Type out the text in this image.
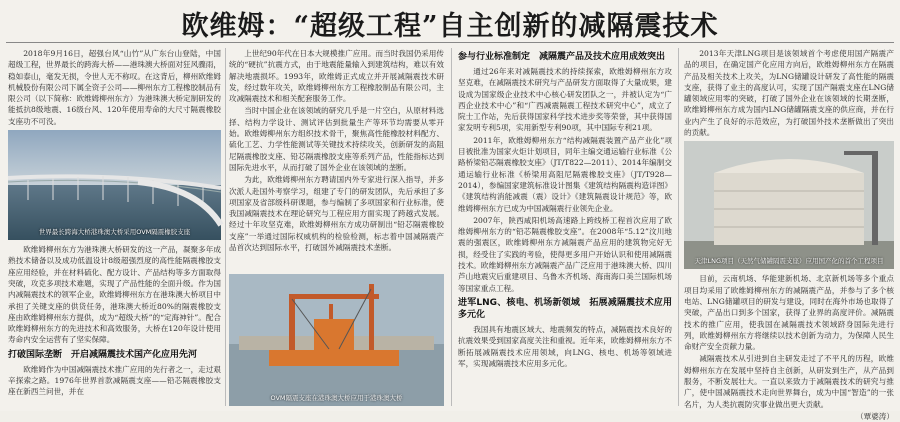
欧维姆：“超级工程”自主创新的减隔震技术

2018年9月16日，超强台风“山竹”从广东台山登陆，中国超级工程，世界最长的跨海大桥——港珠澳大桥面对狂风骤雨，稳如泰山，毫发无损，令世人无不称叹。在这背后，柳州欧维姆机械股份有限公司下属全资子公司——柳州东方工程橡胶制品有限公司（以下简称：欧维姆柳州东方）为港珠澳大桥定制研发的能抵抗8级地震、16级台风、120年使用寿命的大尺寸隔震橡胶支座功不可没。

世界最长跨海大桥港珠澳大桥采用OVM隔震橡胶支座

欧维姆柳州东方为港珠澳大桥研发的这一产品，凝聚多年成熟技术储备以及成功低温设计8级超强烈度的高性能隔震橡胶支座应用经验，并在材料硫化、配方设计、产品结构等多方面取得突破，攻克多项技术难题，实现了产品性能的全面升级。作为国内减隔震技术的领军企业，欧维姆柳州东方在港珠澳大桥项目中承担了关键支座的供货任务，港珠澳大桥近80%的隔震橡胶支座由欧维姆柳州东方提供，成为“超级大桥”的“定海神针”。配合欧维姆柳州东方的先进技术和高效服务，大桥在120年设计使用寿命内安全运营有了坚实保障。

打破国际垄断　开启减隔震技术国产化应用先河

欧维姆作为中国减隔震技术推广应用的先行者之一，走过艰辛探索之路。1976年世界首款减隔震支座——铅芯隔震橡胶支座在新西兰问世，并在

上世纪90年代在日本大规模推广应用。而当时我国仍采用传统的“硬抗”抗震方式，由于地震能量输入到建筑结构，难以有效解决地震损坏。1993年，欧维姆正式成立并开展减隔震技术研发，经过数年攻关，欧维姆柳州东方工程橡胶制品有限公司，主攻减隔震技术和相关配套服务工作。

当时中国企业在该领域的研究几乎是一片空白，从原材料选择、结构力学设计、测试评估到批量生产等环节均需要从零开始。欧维姆柳州东方组织技术骨干，聚焦高性能橡胶材料配方、硫化工艺、力学性能测试等关键技术持续攻关，创新研发的高阻尼隔震橡胶支座、铅芯隔震橡胶支座等系列产品，性能指标达到国际先进水平，从而打破了国外企业在该领域的垄断。

为此，欧维姆柳州东方聘请国内外专家进行深入指导，并多次派人赴国外考察学习，组建了专门的研发团队，先后承担了多项国家及省部级科研课题，参与编制了多项国家和行业标准，使我国减隔震技术在理论研究与工程应用方面实现了跨越式发展。经过十年攻坚克难，欧维姆柳州东方成功研制出“铅芯隔震橡胶支座”一举通过国际权威机构的检验检测，标志着中国减隔震产品首次达到国际水平，打破国外减隔震技术垄断。

OVM隔震支座在港珠澳大桥应用于港珠澳大桥
参与行业标准制定　减隔震产品及技术应用成效突出

通过26年来对减隔震技术的持续探索，欧维姆柳州东方攻坚克难，在减隔震技术研究与产品研发方面取得了大量成果，建设成为国家级企业技术中心核心研发团队之一，并被认定为“广西企业技术中心”和“广西减震隔震工程技术研究中心”，成立了院士工作站，先后获得国家科学技术进步奖等荣誉，其中获得国家发明专利5项，实用新型专利90项，其中国际专利21项。

2011年，欧维姆柳州东方“结构减隔震装置产品产业化”项目被批准为国家火炬计划项目，同年主编交通运输行业标准《公路桥梁铅芯隔震橡胶支座》（JT/T822—2011）、2014年编制交通运输行业标准《桥梁用高阻尼隔震橡胶支座》（JT/T928—2014），参编国家建筑标准设计图集《建筑结构隔震构造详图》《建筑结构消能减震（震）设计》《建筑隔震设计规范》等，欧维姆柳州东方已成为中国减隔震行业领先企业。

2007年，陕西咸阳机场高速路上跨线桥工程首次应用了欧维姆柳州东方的“铅芯隔震橡胶支座”。在2008年“5.12”汶川地震的强震区，欧维姆柳州东方减隔震产品应用的建筑物完好无损，经受住了实践的考验，使得更多用户开始认识和使用减隔震技术。欧维姆柳州东方减隔震产品广泛应用于港珠澳大桥、四川芦山地震灾后重建项目、乌鲁木齐机场、海南海口美兰国际机场等国家重点工程。

进军LNG、核电、机场新领域　拓展减隔震技术应用多元化

我国具有地震区域大、地震频发的特点，减隔震技术良好的抗震效果受到国家高度关注和重视。近年来，欧维姆柳州东方不断拓展减隔震技术应用领域，向LNG、核电、机场等领域进军，实现减隔震技术应用多元化。

2013年天津LNG项目是该领域首个考虑使用国产隔震产品的项目，在确定国产化应用方向后，欧维姆柳州东方在隔震产品及相关技术上攻关，为LNG储罐设计研发了高性能的隔震支座，获得了业主的高度认可，实现了国产隔震支座在LNG储罐领域应用零的突破，打破了国外企业在该领域的长期垄断，欧维姆柳州东方成为国内LNG储罐隔震支座的供应商，并在行业内产生了良好的示范效应，为打破国外技术垄断做出了突出的贡献。

天津LNG项目（天然气储罐隔震支座）应用国产化的首个工程项目

目前，云南机场、华能建新机场、北京新机场等多个重点项目均采用了欧维姆柳州东方的减隔震产品，并参与了多个核电站、LNG储罐项目的研发与建设，同时在海外市场也取得了突破，产品出口到多个国家，获得了业界的高度评价。减隔震技术的推广应用，使我国在减隔震技术领域跻身国际先进行列，欧维姆柳州东方将继续以技术创新为动力，为保障人民生命财产安全贡献力量。

减隔震技术从引进到自主研发走过了不平凡的历程，欧维姆柳州东方在发展中坚持自主创新，从研发到生产，从产品到服务，不断发展壮大。一直以来致力于减隔震技术的研究与推广，使中国减隔震技术走向世界舞台，成为中国“智造”的一张名片，为人类抗震防灾事业做出更大贡献。

（覃婆涛）
